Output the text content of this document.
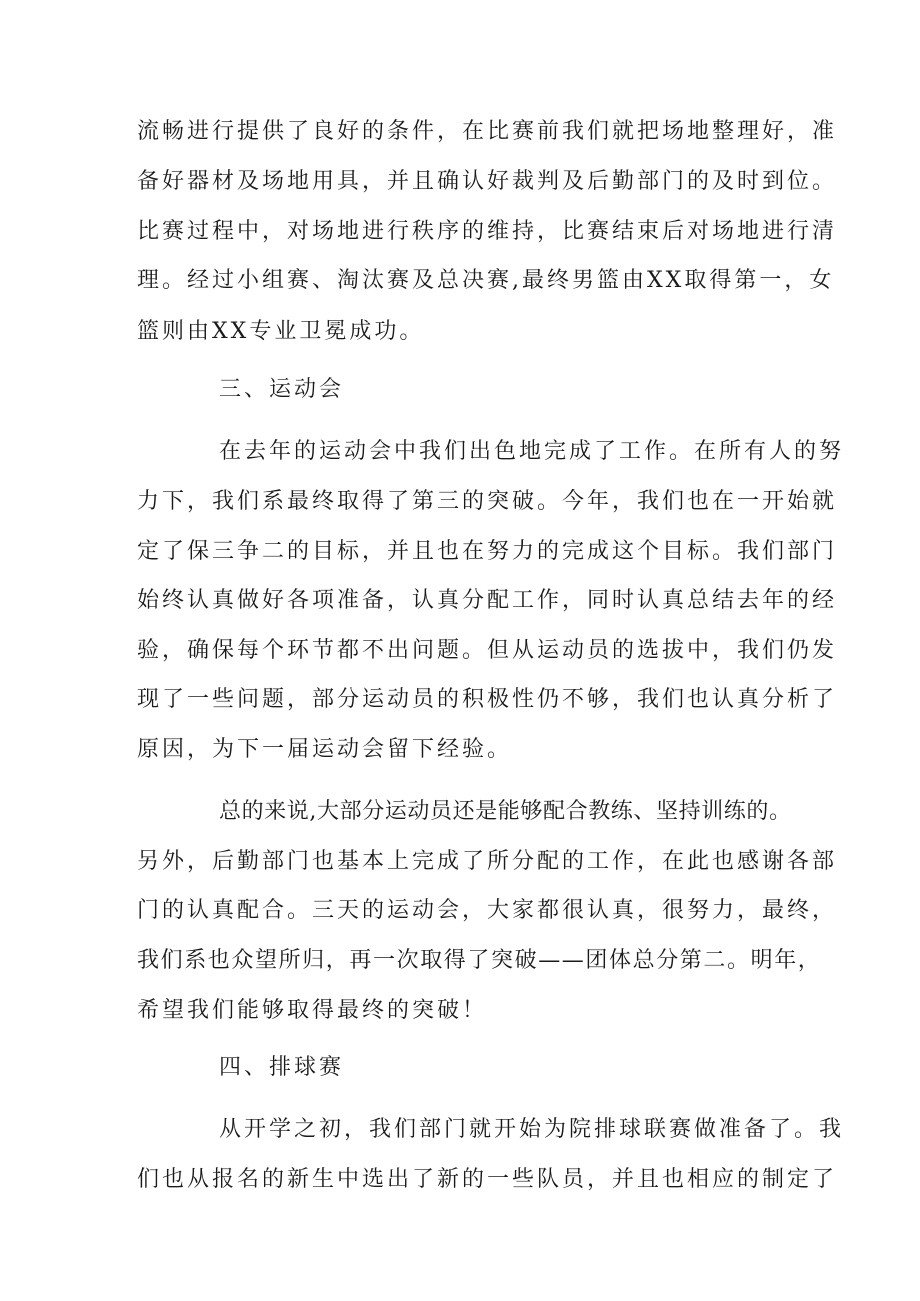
流畅进行提供了良好的条件，在比赛前我们就把场地整理好，准
备好器材及场地用具，并且确认好裁判及后勤部门的及时到位。
比赛过程中，对场地进行秩序的维持，比赛结束后对场地进行清
理。经过小组赛、淘汰赛及总决赛,最终男篮由XX取得第一，女
篮则由XX专业卫冕成功。
三、运动会
在去年的运动会中我们出色地完成了工作。在所有人的努
力下，我们系最终取得了第三的突破。今年，我们也在一开始就
定了保三争二的目标，并且也在努力的完成这个目标。我们部门
始终认真做好各项准备，认真分配工作，同时认真总结去年的经
验，确保每个环节都不出问题。但从运动员的选拔中，我们仍发
现了一些问题，部分运动员的积极性仍不够，我们也认真分析了
原因，为下一届运动会留下经验。
总的来说,大部分运动员还是能够配合教练、坚持训练的。
另外，后勤部门也基本上完成了所分配的工作，在此也感谢各部
门的认真配合。三天的运动会，大家都很认真，很努力，最终，
我们系也众望所归，再一次取得了突破——团体总分第二。明年，
希望我们能够取得最终的突破！
四、排球赛
从开学之初，我们部门就开始为院排球联赛做准备了。我
们也从报名的新生中选出了新的一些队员，并且也相应的制定了
